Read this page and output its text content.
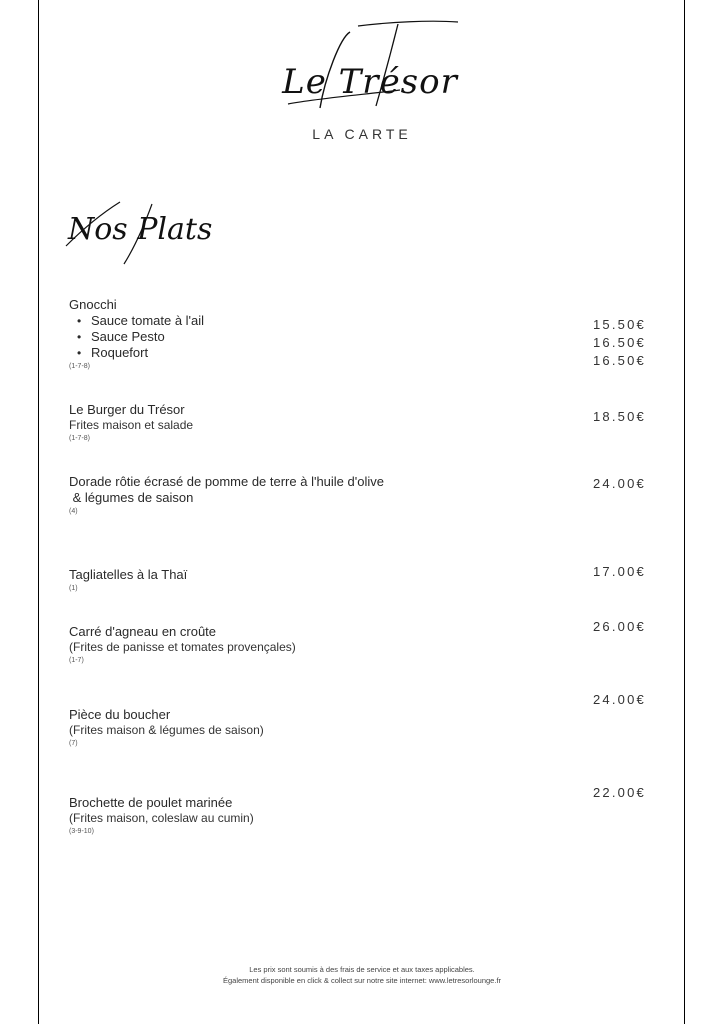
Le Trésor
LA CARTE
Nos Plats
Gnocchi
• Sauce tomate à l'ail
• Sauce Pesto
• Roquefort
(1-7-8)
15.50€
16.50€
16.50€
Le Burger du Trésor
Frites maison et salade
(1-7-8)
18.50€
Dorade rôtie écrasé de pomme de terre à l'huile d'olive
& légumes de saison
(4)
24.00€
Tagliatelles à la Thaï
(1)
17.00€
Carré d'agneau en croûte
(Frites de panisse et tomates provençales)
(1-7)
26.00€
Pièce du boucher
(Frites maison & légumes de saison)
(7)
24.00€
Brochette de poulet marinée
(Frites maison, coleslaw au cumin)
(3-9-10)
22.00€
Les prix sont soumis à des frais de service et aux taxes applicables.
Également disponible en click & collect sur notre site internet: www.letresorlounge.fr
